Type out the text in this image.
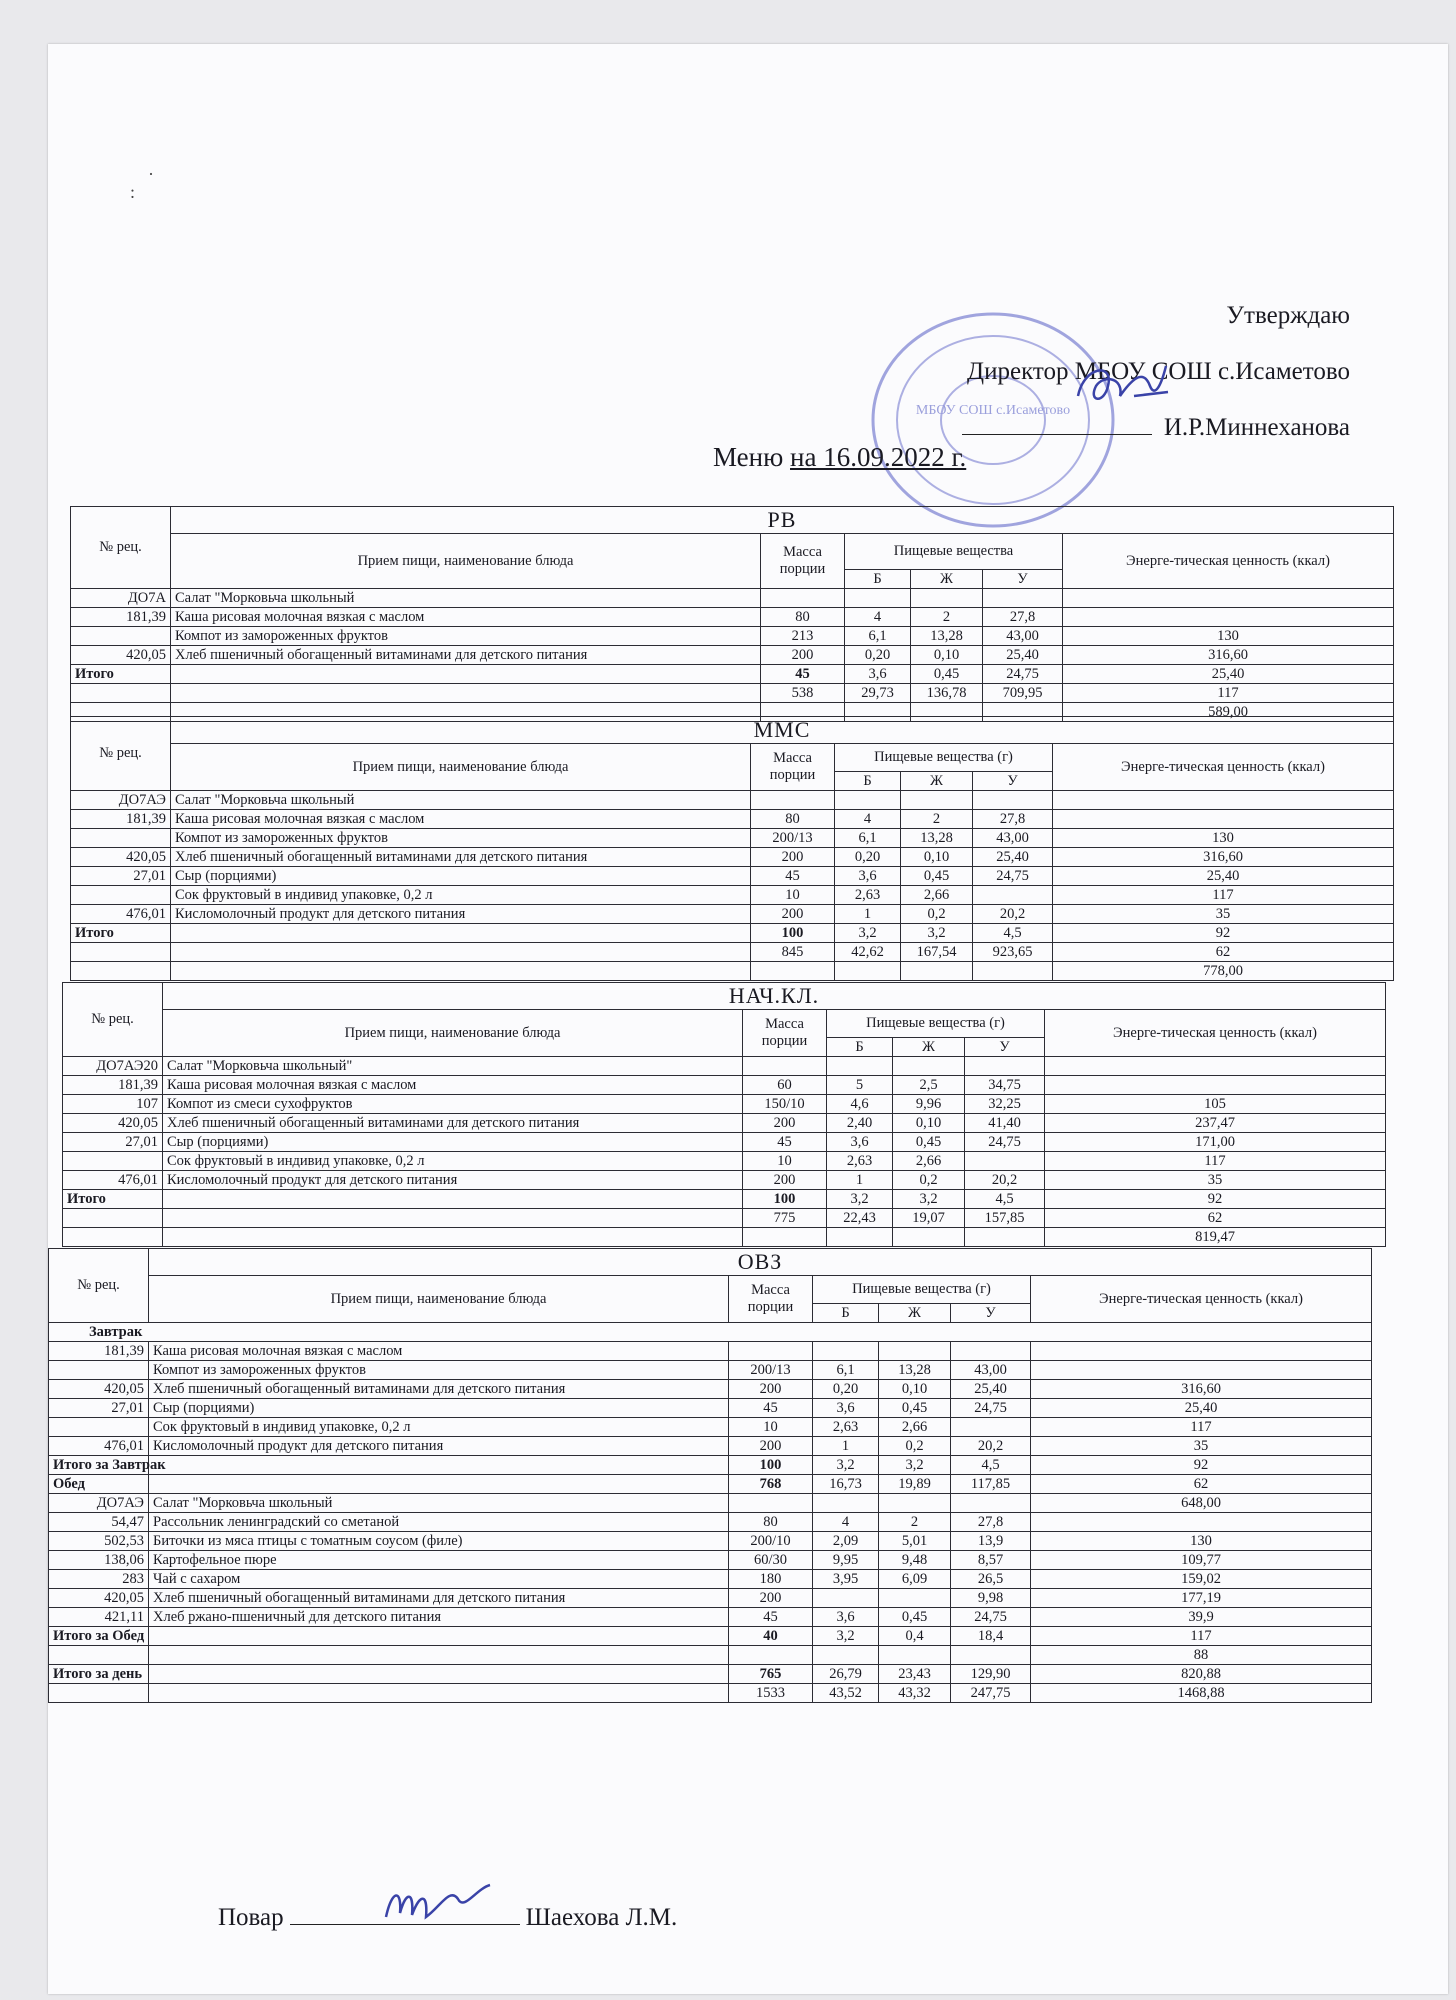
·
:
МБОУ СОШ с.Исаметово
Утверждаю
Директор МБОУ СОШ с.Исаметово
И.Р.Миннеханова
Меню на 16.09.2022 г.
№ рец.	РВ					
	Прием пищи, наименование блюда	Масса порции	Пищевые вещества			Энерге-тическая ценность (ккал)
			Б	Ж	У	
ДО7А	Салат "Морковьча школьный					
181,39	Каша рисовая молочная вязкая с маслом	80	4	2	27,8	
	Компот из замороженных фруктов	213	6,1	13,28	43,00	130
420,05	Хлеб пшеничный обогащенный витаминами для детского питания	200	0,20	0,10	25,40	316,60
Итого		45	3,6	0,45	24,75	25,40
		538	29,73	136,78	709,95	117
						589,00
№ рец.	ММС					
	Прием пищи, наименование блюда	Масса порции	Пищевые вещества (г)			Энерге-тическая ценность (ккал)
			Б	Ж	У	
ДО7АЭ	Салат "Морковьча школьный					
181,39	Каша рисовая молочная вязкая с маслом	80	4	2	27,8	
	Компот из замороженных фруктов	200/13	6,1	13,28	43,00	130
420,05	Хлеб пшеничный обогащенный витаминами для детского питания	200	0,20	0,10	25,40	316,60
27,01	Сыр (порциями)	45	3,6	0,45	24,75	25,40
	Сок фруктовый в индивид упаковке, 0,2 л	10	2,63	2,66		117
476,01	Кисломолочный продукт для детского питания	200	1	0,2	20,2	35
Итого		100	3,2	3,2	4,5	92
		845	42,62	167,54	923,65	62
						778,00
№ рец.	НАЧ.КЛ.					
	Прием пищи, наименование блюда	Масса порции	Пищевые вещества (г)			Энерге-тическая ценность (ккал)
			Б	Ж	У	
ДО7АЭ20	Салат "Морковьча школьный"					
181,39	Каша рисовая молочная вязкая с маслом	60	5	2,5	34,75	
107	Компот из смеси сухофруктов	150/10	4,6	9,96	32,25	105
420,05	Хлеб пшеничный обогащенный витаминами для детского питания	200	2,40	0,10	41,40	237,47
27,01	Сыр (порциями)	45	3,6	0,45	24,75	171,00
	Сок фруктовый в индивид упаковке, 0,2 л	10	2,63	2,66		117
476,01	Кисломолочный продукт для детского питания	200	1	0,2	20,2	35
Итого		100	3,2	3,2	4,5	92
		775	22,43	19,07	157,85	62
						819,47
№ рец.	ОВЗ					
	Прием пищи, наименование блюда	Масса порции	Пищевые вещества (г)			Энерге-тическая ценность (ккал)
			Б	Ж	У	
Завтрак						
181,39	Каша рисовая молочная вязкая с маслом					
	Компот из замороженных фруктов	200/13	6,1	13,28	43,00	
420,05	Хлеб пшеничный обогащенный витаминами для детского питания	200	0,20	0,10	25,40	316,60
27,01	Сыр (порциями)	45	3,6	0,45	24,75	25,40
	Сок фруктовый в индивид упаковке, 0,2 л	10	2,63	2,66		117
476,01	Кисломолочный продукт для детского питания	200	1	0,2	20,2	35
Итого за Завтрак		100	3,2	3,2	4,5	92
Обед		768	16,73	19,89	117,85	62
ДО7АЭ	Салат "Морковьча школьный					648,00
54,47	Рассольник ленинградский со сметаной	80	4	2	27,8	
502,53	Биточки из мяса птицы с томатным соусом (филе)	200/10	2,09	5,01	13,9	130
138,06	Картофельное пюре	60/30	9,95	9,48	8,57	109,77
283	Чай с сахаром	180	3,95	6,09	26,5	159,02
420,05	Хлеб пшеничный обогащенный витаминами для детского питания	200			9,98	177,19
421,11	Хлеб ржано-пшеничный для детского питания	45	3,6	0,45	24,75	39,9
Итого за Обед		40	3,2	0,4	18,4	117
						88
Итого за день		765	26,79	23,43	129,90	820,88
		1533	43,52	43,32	247,75	1468,88
Повар	Шаехова Л.М.
